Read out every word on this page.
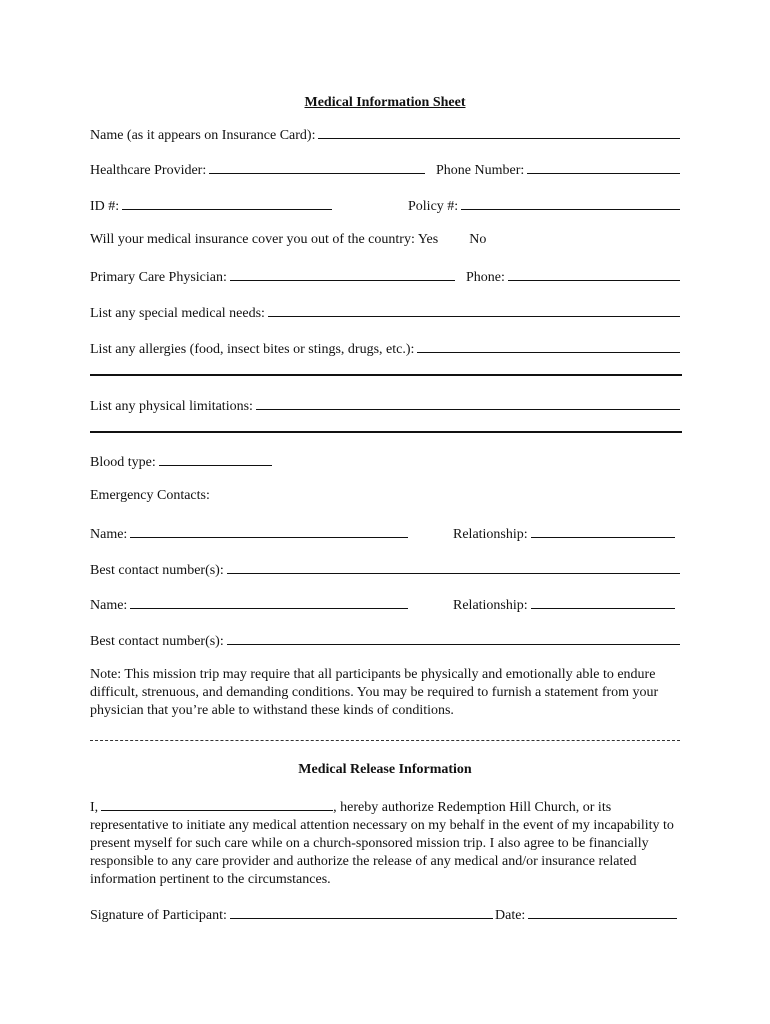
Medical Information Sheet
Name (as it appears on Insurance Card):
Healthcare Provider:	Phone Number:
ID #:	Policy #:
Will your medical insurance cover you out of the country: Yes No
Primary Care Physician:	Phone:
List any special medical needs:
List any allergies (food, insect bites or stings, drugs, etc.):
List any physical limitations:
Blood type:
Emergency Contacts:
Name:	Relationship:
Best contact number(s):
Name:	Relationship:
Best contact number(s):
Note: This mission trip may require that all participants be physically and emotionally able to endure difficult, strenuous, and demanding conditions. You may be required to furnish a statement from your physician that you’re able to withstand these kinds of conditions.
Medical Release Information
I,	, hereby authorize Redemption Hill Church, or its representative to initiate any medical attention necessary on my behalf in the event of my incapability to present myself for such care while on a church-sponsored mission trip. I also agree to be financially responsible to any care provider and authorize the release of any medical and/or insurance related information pertinent to the circumstances.
Signature of Participant:	Date:
